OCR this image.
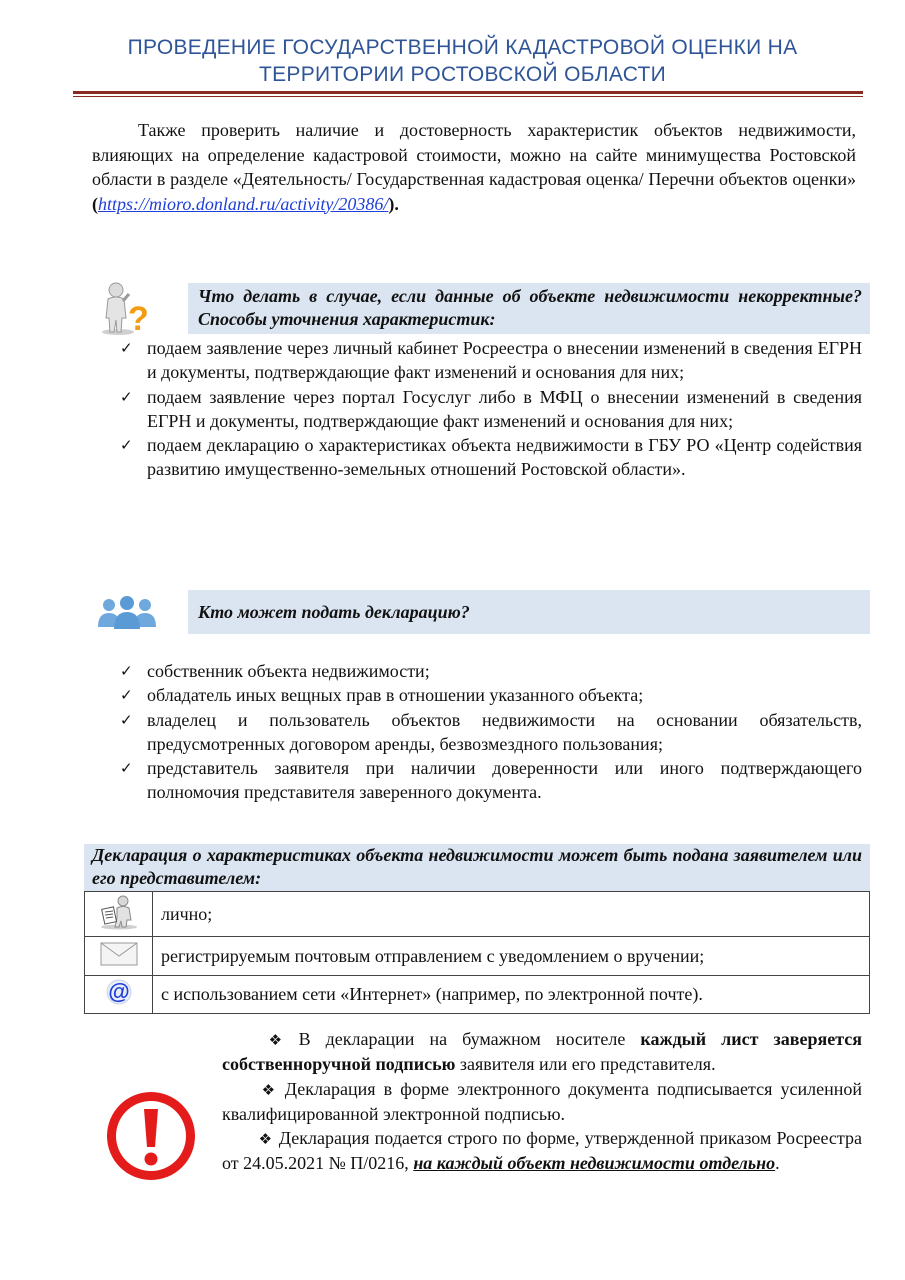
ПРОВЕДЕНИЕ ГОСУДАРСТВЕННОЙ КАДАСТРОВОЙ ОЦЕНКИ НА ТЕРРИТОРИИ РОСТОВСКОЙ ОБЛАСТИ
Также проверить наличие и достоверность характеристик объектов недвижимости, влияющих на определение кадастровой стоимости, можно на сайте минимущества Ростовской области в разделе «Деятельность/ Государственная кадастровая оценка/ Перечни объектов оценки» (https://mioro.donland.ru/activity/20386/).
?
Что делать в случае, если данные об объекте недвижимости некорректные? Способы уточнения характеристик:
✓ подаем заявление через личный кабинет Росреестра о внесении изменений в сведения ЕГРН и документы, подтверждающие факт изменений и основания для них;
✓ подаем заявление через портал Госуслуг либо в МФЦ о внесении изменений в сведения ЕГРН и документы, подтверждающие факт изменений и основания для них;
✓ подаем декларацию о характеристиках объекта недвижимости в ГБУ РО «Центр содействия развитию имущественно-земельных отношений Ростовской области».
Кто может подать декларацию?
✓ собственник объекта недвижимости;
✓ обладатель иных вещных прав в отношении указанного объекта;
✓ владелец и пользователь объектов недвижимости на основании обязательств, предусмотренных договором аренды, безвозмездного пользования;
✓ представитель заявителя при наличии доверенности или иного подтверждающего полномочия представителя заверенного документа.
Декларация о характеристиках объекта недвижимости может быть подана заявителем или его представителем:
	лично;
	регистрируемым почтовым отправлением с уведомлением о вручении;

@	с использованием сети «Интернет» (например, по электронной почте).

❖ В декларации на бумажном носителе каждый лист заверяется собственноручной подписью заявителя или его представителя.

❖ Декларация в форме электронного документа подписывается усиленной квалифицированной электронной подписью.

❖ Декларация подается строго по форме, утвержденной приказом Росреестра от 24.05.2021 № П/0216, на каждый объект недвижимости отдельно.
